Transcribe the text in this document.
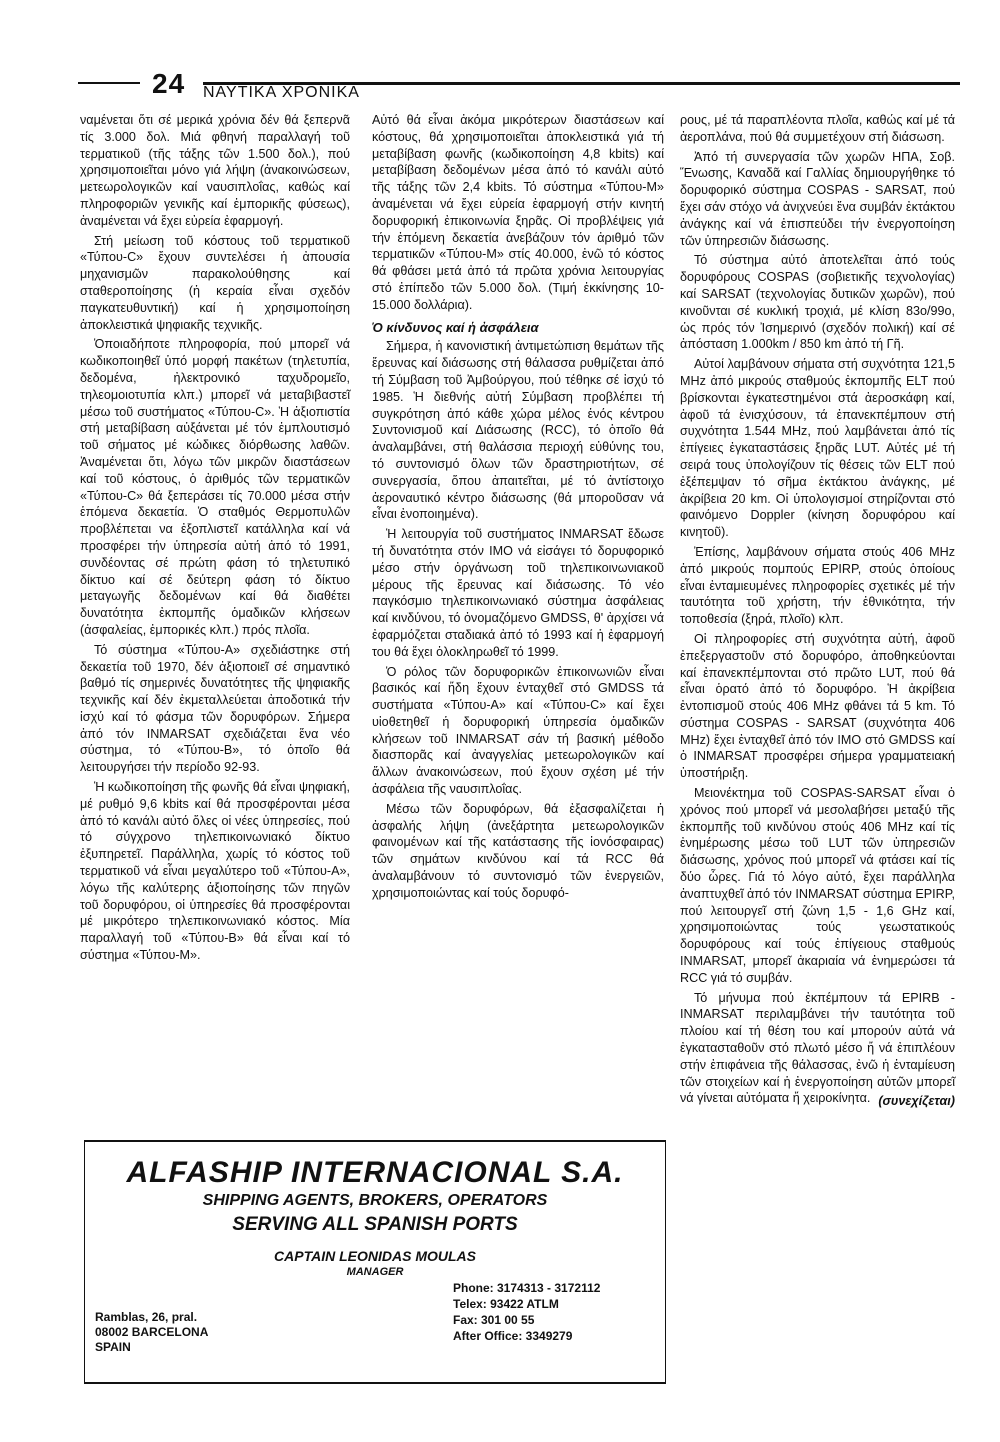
24 ΝΑΥΤΙΚΑ ΧΡΟΝΙΚΑ

ναμένεται ὅτι σέ μερικά χρόνια δέν θά ξεπερνᾶ τίς 3.000 δολ. Μιά φθηνή παραλλαγή τοῦ τερματικοῦ (τῆς τάξης τῶν 1.500 δολ.), πού χρησιμοποιεῖται μόνο γιά λήψη (ἀνακοινώσεων, μετεωρολογικῶν καί ναυσιπλοΐας, καθώς καί πληροφοριῶν γενικῆς καί ἐμπορικῆς φύσεως), ἀναμένεται νά ἔχει εὐρεία ἐφαρμογή.

Στή μείωση τοῦ κόστους τοῦ τερματικοῦ «Τύπου-C» ἔχουν συντελέσει ἡ ἀπουσία μηχανισμῶν παρακολούθησης καί σταθεροποίησης (ἡ κεραία εἶναι σχεδόν παγκατευθυντική) καί ἡ χρησιμοποίηση ἀποκλειστικά ψηφιακῆς τεχνικῆς.

Ὁποιαδήποτε πληροφορία, πού μπορεῖ νά κωδικοποιηθεῖ ὑπό μορφή πακέτων (τηλετυπία, δεδομένα, ἠλεκτρονικό ταχυδρομεῖο, τηλεομοιοτυπία κλπ.) μπορεῖ νά μεταβιβαστεῖ μέσω τοῦ συστήματος «Τύπου-C». Ἡ ἀξιοπιστία στή μεταβίβαση αὐξάνεται μέ τόν ἐμπλουτισμό τοῦ σήματος μέ κώδικες διόρθωσης λαθῶν. Ἀναμένεται ὅτι, λόγω τῶν μικρῶν διαστάσεων καί τοῦ κόστους, ὁ ἀριθμός τῶν τερματικῶν «Τύπου-C» θά ξεπεράσει τίς 70.000 μέσα στήν ἑπόμενα δεκαετία. Ὁ σταθμός Θερμοπυλῶν προβλέπεται να ἐξοπλιστεῖ κατάλληλα καί νά προσφέρει τήν ὑπηρεσία αὐτή ἀπό τό 1991, συνδέοντας σέ πρώτη φάση τό τηλετυπικό δίκτυο καί σέ δεύτερη φάση τό δίκτυο μεταγωγῆς δεδομένων καί θά διαθέτει δυνατότητα ἐκπομπῆς ὁμαδικῶν κλήσεων (ἀσφαλείας, ἐμπορικές κλπ.) πρός πλοῖα.

Τό σύστημα «Τύπου-Α» σχεδιάστηκε στή δεκαετία τοῦ 1970, δέν ἀξιοποιεῖ σέ σημαντικό βαθμό τίς σημερινές δυνατότητες τῆς ψηφιακῆς τεχνικῆς καί δέν ἐκμεταλλεύεται ἀποδοτικά τήν ἰσχύ καί τό φάσμα τῶν δορυφόρων. Σήμερα ἀπό τόν INMARSAT σχεδιάζεται ἕνα νέο σύστημα, τό «Τύπου-Β», τό ὁποῖο θά λειτουργήσει τήν περίοδο 92-93.

Ἡ κωδικοποίηση τῆς φωνῆς θά εἶναι ψηφιακή, μέ ρυθμό 9,6 kbits καί θά προσφέρονται μέσα ἀπό τό κανάλι αὐτό ὅλες οἱ νέες ὑπηρεσίες, πού τό σύγχρονο τηλεπικοινωνιακό δίκτυο ἐξυπηρετεῖ. Παράλληλα, χωρίς τό κόστος τοῦ τερματικοῦ νά εἶναι μεγαλύτερο τοῦ «Τύπου-Α», λόγω τῆς καλύτερης ἀξιοποίησης τῶν πηγῶν τοῦ δορυφόρου, οἱ ὑπηρεσίες θά προσφέρονται μέ μικρότερο τηλεπικοινωνιακό κόστος. Μία παραλλαγή τοῦ «Τύπου-Β» θά εἶναι καί τό σύστημα «Τύπου-Μ».

Αὐτό θά εἶναι ἀκόμα μικρότερων διαστάσεων καί κόστους, θά χρησιμοποιεῖται ἀποκλειστικά γιά τή μεταβίβαση φωνῆς (κωδικοποίηση 4,8 kbits) καί μεταβίβαση δεδομένων μέσα ἀπό τό κανάλι αὐτό τῆς τάξης τῶν 2,4 kbits. Τό σύστημα «Τύπου-Μ» ἀναμένεται νά ἔχει εὐρεία ἐφαρμογή στήν κινητή δορυφορική ἐπικοινωνία ξηρᾶς. Οἱ προβλέψεις γιά τήν ἑπόμενη δεκαετία ἀνεβάζουν τόν ἀριθμό τῶν τερματικῶν «Τύπου-Μ» στίς 40.000, ἐνῶ τό κόστος θά φθάσει μετά ἀπό τά πρῶτα χρόνια λειτουργίας στό ἐπίπεδο τῶν 5.000 δολ. (Τιμή ἐκκίνησης 10-15.000 δολλάρια).

Ὁ κίνδυνος καί ἡ ἀσφάλεια

Σήμερα, ἡ κανονιστική ἀντιμετώπιση θεμάτων τῆς ἔρευνας καί διάσωσης στή θάλασσα ρυθμίζεται ἀπό τή Σύμβαση τοῦ Ἀμβούργου, πού τέθηκε σέ ἰσχύ τό 1985. Ἡ διεθνής αὐτή Σύμβαση προβλέπει τή συγκρότηση ἀπό κάθε χώρα μέλος ἑνός κέντρου Συντονισμοῦ καί Διάσωσης (RCC), τό ὁποῖο θά ἀναλαμβάνει, στή θαλάσσια περιοχή εὐθύνης του, τό συντονισμό ὅλων τῶν δραστηριοτήτων, σέ συνεργασία, ὅπου ἀπαιτεῖται, μέ τό ἀντίστοιχο ἀεροναυτικό κέντρο διάσωσης (θά μποροῦσαν νά εἶναι ἐνοποιημένα).

Ἡ λειτουργία τοῦ συστήματος INMARSAT ἔδωσε τή δυνατότητα στόν IMO νά εἰσάγει τό δορυφορικό μέσο στήν ὀργάνωση τοῦ τηλεπικοινωνιακοῦ μέρους τῆς ἔρευνας καί διάσωσης. Τό νέο παγκόσμιο τηλεπικοινωνιακό σύστημα ἀσφάλειας καί κινδύνου, τό ὀνομαζόμενο GMDSS, θ' ἀρχίσει νά ἐφαρμόζεται σταδιακά ἀπό τό 1993 καί ἡ ἐφαρμογή του θά ἔχει ὁλοκληρωθεῖ τό 1999.

Ὁ ρόλος τῶν δορυφορικῶν ἐπικοινωνιῶν εἶναι βασικός καί ἤδη ἔχουν ἐνταχθεῖ στό GMDSS τά συστήματα «Τύπου-Α» καί «Τύπου-C» καί ἔχει υἱοθετηθεῖ ἡ δορυφορική ὑπηρεσία ὁμαδικῶν κλήσεων τοῦ INMARSAT σάν τή βασική μέθοδο διασπορᾶς καί ἀναγγελίας μετεωρολογικῶν καί ἄλλων ἀνακοινώσεων, πού ἔχουν σχέση μέ τήν ἀσφάλεια τῆς ναυσιπλοΐας.

Μέσω τῶν δορυφόρων, θά ἐξασφαλίζεται ἡ ἀσφαλής λήψη (ἀνεξάρτητα μετεωρολογικῶν φαινομένων καί τῆς κατάστασης τῆς ἰονόσφαιρας) τῶν σημάτων κινδύνου καί τά RCC θά ἀναλαμβάνουν τό συντονισμό τῶν ἐνεργειῶν, χρησιμοποιώντας καί τούς δορυφό-

ρους, μέ τά παραπλέοντα πλοῖα, καθώς καί μέ τά ἀεροπλάνα, πού θά συμμετέχουν στή διάσωση.

Ἀπό τή συνεργασία τῶν χωρῶν ΗΠΑ, Σοβ. Ἕνωσης, Καναδᾶ καί Γαλλίας δημιουργήθηκε τό δορυφορικό σύστημα COSPAS - SARSAT, πού ἔχει σάν στόχο νά ἀνιχνεύει ἕνα συμβάν ἐκτάκτου ἀνάγκης καί νά ἐπισπεύδει τήν ἐνεργοποίηση τῶν ὑπηρεσιῶν διάσωσης.

Τό σύστημα αὐτό ἀποτελεῖται ἀπό τούς δορυφόρους COSPAS (σοβιετικῆς τεχνολογίας) καί SARSAT (τεχνολογίας δυτικῶν χωρῶν), πού κινοῦνται σέ κυκλική τροχιά, μέ κλίση 83ο/99ο, ὡς πρός τόν Ἰσημερινό (σχεδόν πολική) καί σέ ἀπόσταση 1.000km / 850 km ἀπό τή Γῆ.

Αὐτοί λαμβάνουν σήματα στή συχνότητα 121,5 MHz ἀπό μικρούς σταθμούς ἐκπομπῆς ELT πού βρίσκονται ἐγκατεστημένοι στά ἀεροσκάφη καί, ἀφοῦ τά ἐνισχύσουν, τά ἐπανεκπέμπουν στή συχνότητα 1.544 MHz, πού λαμβάνεται ἀπό τίς ἐπίγειες ἐγκαταστάσεις ξηρᾶς LUT. Αὐτές μέ τή σειρά τους ὑπολογίζουν τίς θέσεις τῶν ELT πού ἐξέπεμψαν τό σῆμα ἐκτάκτου ἀνάγκης, μέ ἀκρίβεια 20 km. Οἱ ὑπολογισμοί στηρίζονται στό φαινόμενο Doppler (κίνηση δορυφόρου καί κινητοῦ).

Ἐπίσης, λαμβάνουν σήματα στούς 406 MHz ἀπό μικρούς πομπούς EPIRP, στούς ὁποίους εἶναι ἐνταμιευμένες πληροφορίες σχετικές μέ τήν ταυτότητα τοῦ χρήστη, τήν ἐθνικότητα, τήν τοποθεσία (ξηρά, πλοῖο) κλπ.

Οἱ πληροφορίες στή συχνότητα αὐτή, ἀφοῦ ἐπεξεργαστοῦν στό δορυφόρο, ἀποθηκεύονται καί ἐπανεκπέμπονται στό πρῶτο LUT, πού θά εἶναι ὁρατό ἀπό τό δορυφόρο. Ἡ ἀκρίβεια ἐντοπισμοῦ στούς 406 MHz φθάνει τά 5 km. Τό σύστημα COSPAS - SARSAT (συχνότητα 406 MHz) ἔχει ἐνταχθεῖ ἀπό τόν IMO στό GMDSS καί ὁ INMARSAT προσφέρει σήμερα γραμματειακή ὑποστήριξη.

Μειονέκτημα τοῦ COSPAS-SARSAT εἶναι ὁ χρόνος πού μπορεῖ νά μεσολαβήσει μεταξύ τῆς ἐκπομπῆς τοῦ κινδύνου στούς 406 MHz καί τίς ἐνημέρωσης μέσω τοῦ LUT τῶν ὑπηρεσιῶν διάσωσης, χρόνος πού μπορεῖ νά φτάσει καί τίς δύο ὧρες. Γιά τό λόγο αὐτό, ἔχει παράλληλα ἀναπτυχθεῖ ἀπό τόν INMARSAT σύστημα EPIRP, πού λειτουργεῖ στή ζώνη 1,5 - 1,6 GHz καί, χρησιμοποιώντας τούς γεωστατικούς δορυφόρους καί τούς ἐπίγειους σταθμούς INMARSAT, μπορεῖ ἀκαριαία νά ἐνημερώσει τά RCC γιά τό συμβάν.

Τό μήνυμα πού ἐκπέμπουν τά EPIRB - INMARSAT περιλαμβάνει τήν ταυτότητα τοῦ πλοίου καί τή θέση του καί μπορούν αὐτά νά ἐγκατασταθοῦν στό πλωτό μέσο ἤ νά ἐπιπλέουν στήν ἐπιφάνεια τῆς θάλασσας, ἐνῶ ἡ ἐνταμίευση τῶν στοιχείων καί ἡ ἐνεργοποίηση αὐτῶν μπορεῖ νά γίνεται αὐτόματα ἤ χειροκίνητα. (συνεχίζεται)
ALFASHIP INTERNACIONAL S.A.
SHIPPING AGENTS, BROKERS, OPERATORS
SERVING ALL SPANISH PORTS
CAPTAIN LEONIDAS MOULAS
MANAGER
Ramblas, 26, pral.
08002 BARCELONA
SPAIN
Phone: 3174313 - 3172112
Telex: 93422 ATLM
Fax: 301 00 55
After Office: 3349279
